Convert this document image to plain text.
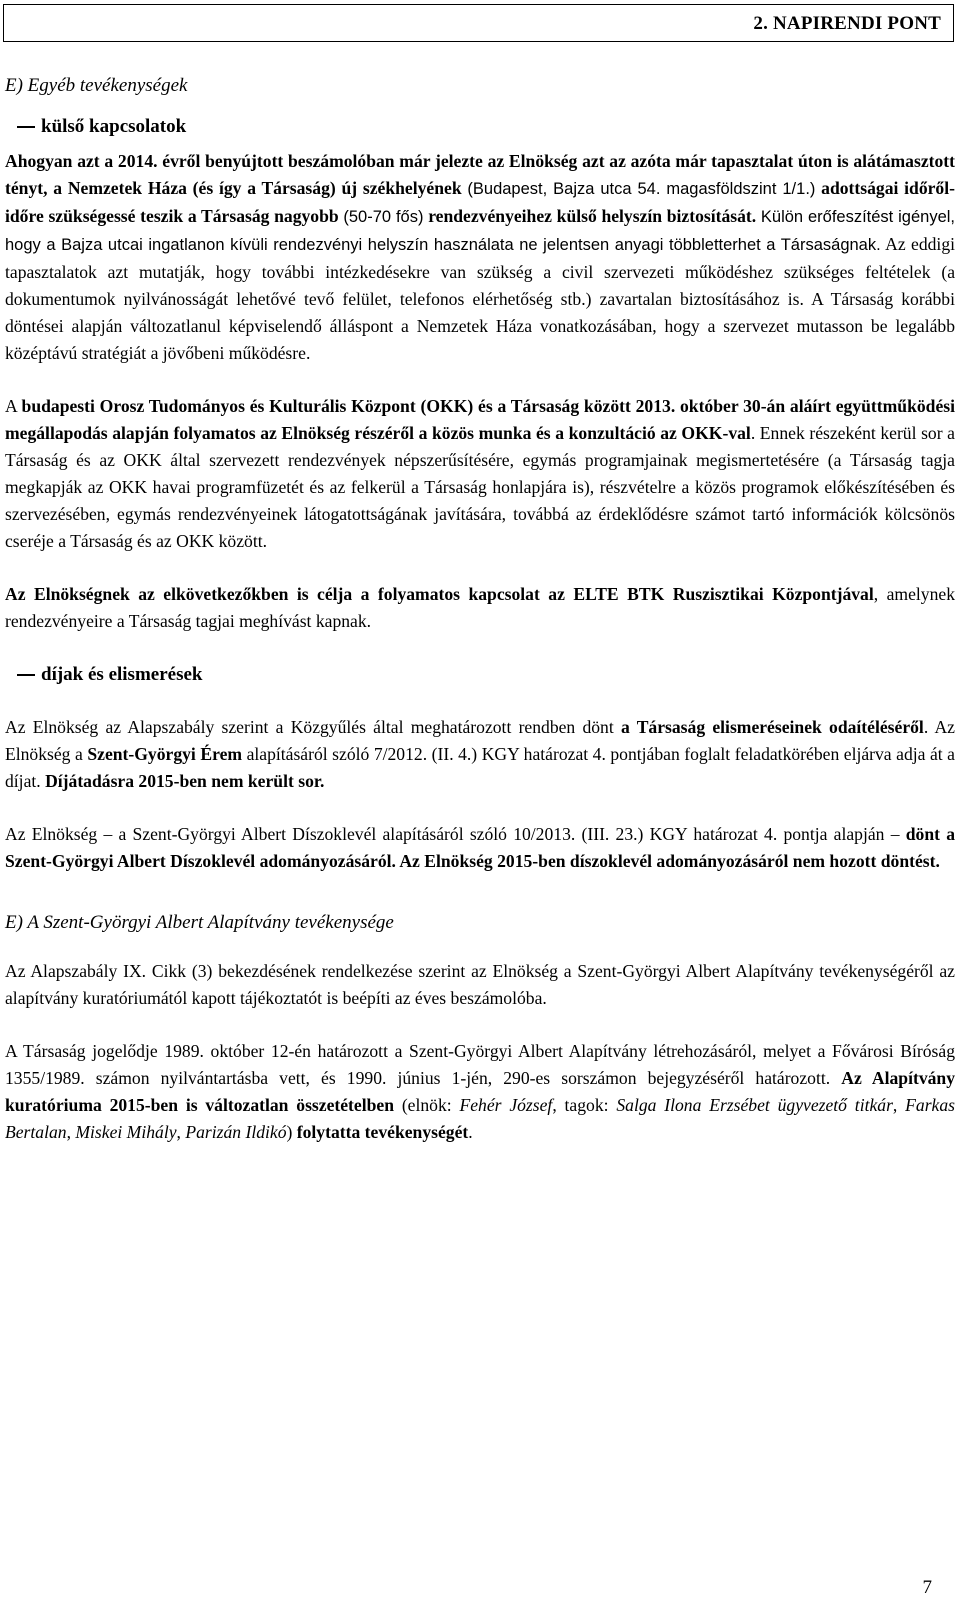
2. NAPIRENDI PONT
E) Egyéb tevékenységek
külső kapcsolatok

Ahogyan azt a 2014. évről benyújtott beszámolóban már jelezte az Elnökség azt az azóta már tapasztalat úton is alátámasztott tényt, a Nemzetek Háza (és így a Társaság) új székhelyének (Budapest, Bajza utca 54. magasföldszint 1/1.) adottságai időről-időre szükségessé teszik a Társaság nagyobb (50-70 fős) rendezvényeihez külső helyszín biztosítását. Külön erőfeszítést igényel, hogy a Bajza utcai ingatlanon kívüli rendezvényi helyszín használata ne jelentsen anyagi többletterhet a Társaságnak. Az eddigi tapasztalatok azt mutatják, hogy további intézkedésekre van szükség a civil szervezeti működéshez szükséges feltételek (a dokumentumok nyilvánosságát lehetővé tevő felület, telefonos elérhetőség stb.) zavartalan biztosításához is. A Társaság korábbi döntései alapján változatlanul képviselendő álláspont a Nemzetek Háza vonatkozásában, hogy a szervezet mutasson be legalább középtávú stratégiát a jövőbeni működésre.

A budapesti Orosz Tudományos és Kulturális Központ (OKK) és a Társaság között 2013. október 30-án aláírt együttműködési megállapodás alapján folyamatos az Elnökség részéről a közös munka és a konzultáció az OKK-val. Ennek részeként kerül sor a Társaság és az OKK által szervezett rendezvények népszerűsítésére, egymás programjainak megismertetésére (a Társaság tagja megkapják az OKK havai programfüzetét és az felkerül a Társaság honlapjára is), részvételre a közös programok előkészítésében és szervezésében, egymás rendezvényeinek látogatottságának javítására, továbbá az érdeklődésre számot tartó információk kölcsönös cseréje a Társaság és az OKK között.

Az Elnökségnek az elkövetkezőkben is célja a folyamatos kapcsolat az ELTE BTK Ruszisztikai Központjával, amelynek rendezvényeire a Társaság tagjai meghívást kapnak.

díjak és elismerések

Az Elnökség az Alapszabály szerint a Közgyűlés által meghatározott rendben dönt a Társaság elismeréseinek odaítéléséről. Az Elnökség a Szent-Györgyi Érem alapításáról szóló 7/2012. (II. 4.) KGY határozat 4. pontjában foglalt feladatkörében eljárva adja át a díjat. Díjátadásra 2015-ben nem került sor.

Az Elnökség – a Szent-Györgyi Albert Díszoklevél alapításáról szóló 10/2013. (III. 23.) KGY határozat 4. pontja alapján – dönt a Szent-Györgyi Albert Díszoklevél adományozásáról. Az Elnökség 2015-ben díszoklevél adományozásáról nem hozott döntést.

E) A Szent-Györgyi Albert Alapítvány tevékenysége

Az Alapszabály IX. Cikk (3) bekezdésének rendelkezése szerint az Elnökség a Szent-Györgyi Albert Alapítvány tevékenységéről az alapítvány kuratóriumától kapott tájékoztatót is beépíti az éves beszámolóba.

A Társaság jogelődje 1989. október 12-én határozott a Szent-Györgyi Albert Alapítvány létrehozásáról, melyet a Fővárosi Bíróság 1355/1989. számon nyilvántartásba vett, és 1990. június 1-jén, 290-es sorszámon bejegyzéséről határozott. Az Alapítvány kuratóriuma 2015-ben is változatlan összetételben (elnök: Fehér József, tagok: Salga Ilona Erzsébet ügyvezető titkár, Farkas Bertalan, Miskei Mihály, Parizán Ildikó) folytatta tevékenységét.

7
